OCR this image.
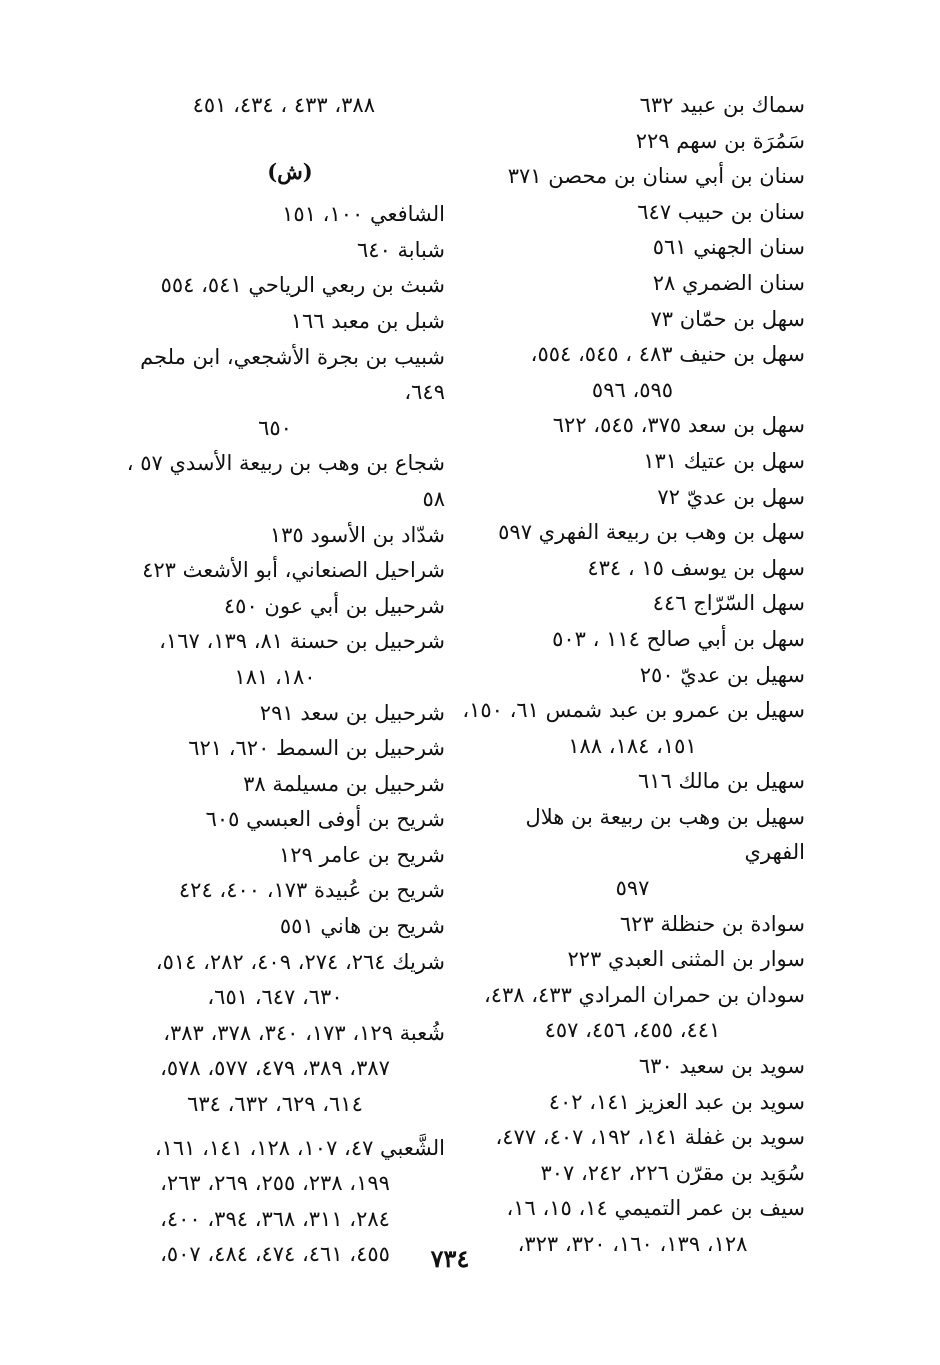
سماك بن عبيد ٦٣٢
سَمُرَة بن سهم ٢٢٩
سنان بن أبي سنان بن محصن ٣٧١
سنان بن حبيب ٦٤٧
سنان الجهني ٥٦١
سنان الضمري ٢٨
سهل بن حمّان ٧٣
سهل بن حنيف ٤٨٣ ، ٥٤٥، ٥٥٤،
٥٩٥، ٥٩٦
سهل بن سعد ٣٧٥، ٥٤٥، ٦٢٢
سهل بن عتيك ١٣١
سهل بن عديّ ٧٢
سهل بن وهب بن ربيعة الفهري ٥٩٧
سهل بن يوسف ١٥ ، ٤٣٤
سهل السّرّاج ٤٤٦
سهل بن أبي صالح ١١٤ ، ٥٠٣
سهيل بن عديّ ٢٥٠
سهيل بن عمرو بن عبد شمس ٦١، ١٥٠،
١٥١، ١٨٤، ١٨٨
سهيل بن مالك ٦١٦
سهيل بن وهب بن ربيعة بن هلال الفهري
٥٩٧
سوادة بن حنظلة ٦٢٣
سوار بن المثنى العبدي ٢٢٣
سودان بن حمران المرادي ٤٣٣، ٤٣٨،
٤٤١، ٤٥٥، ٤٥٦، ٤٥٧
سويد بن سعيد ٦٣٠
سويد بن عبد العزيز ١٤١، ٤٠٢
سويد بن غفلة ١٤١، ١٩٢، ٤٠٧، ٤٧٧،
سُوَيد بن مقرّن ٢٢٦، ٢٤٢، ٣٠٧
سيف بن عمر التميمي ١٤، ١٥، ١٦،
١٢٨، ١٣٩، ١٦٠، ٣٢٠، ٣٢٣،
٣٨٨، ٤٣٣ ، ٤٣٤، ٤٥١
(ش)
الشافعي ١٠٠، ١٥١
شبابة ٦٤٠
شبث بن ربعي الرياحي ٥٤١، ٥٥٤
شبل بن معبد ١٦٦
شبيب بن بجرة الأشجعي، ابن ملجم ٦٤٩،
٦٥٠
شجاع بن وهب بن ربيعة الأسدي ٥٧ ، ٥٨
شدّاد بن الأسود ١٣٥
شراحيل الصنعاني، أبو الأشعث ٤٢٣
شرحبيل بن أبي عون ٤٥٠
شرحبيل بن حسنة ٨١، ١٣٩، ١٦٧،
١٨٠، ١٨١
شرحبيل بن سعد ٢٩١
شرحبيل بن السمط ٦٢٠، ٦٢١
شرحبيل بن مسيلمة ٣٨
شريح بن أوفى العبسي ٦٠٥
شريح بن عامر ١٢٩
شريح بن عُبيدة ١٧٣، ٤٠٠، ٤٢٤
شريح بن هاني ٥٥١
شريك ٢٦٤، ٢٧٤، ٤٠٩، ٢٨٢، ٥١٤،
٦٣٠، ٦٤٧، ٦٥١،
شُعبة ١٢٩، ١٧٣، ٣٤٠، ٣٧٨، ٣٨٣،
٣٨٧، ٣٨٩، ٤٧٩، ٥٧٧، ٥٧٨،
٦١٤، ٦٢٩، ٦٣٢، ٦٣٤
الشَّعبي ٤٧، ١٠٧، ١٢٨، ١٤١، ١٦١،
١٩٩، ٢٣٨، ٢٥٥، ٢٦٩، ٢٦٣،
٢٨٤، ٣١١، ٣٦٨، ٣٩٤، ٤٠٠،
٤٥٥، ٤٦١، ٤٧٤، ٤٨٤، ٥٠٧،	٧٣٤
